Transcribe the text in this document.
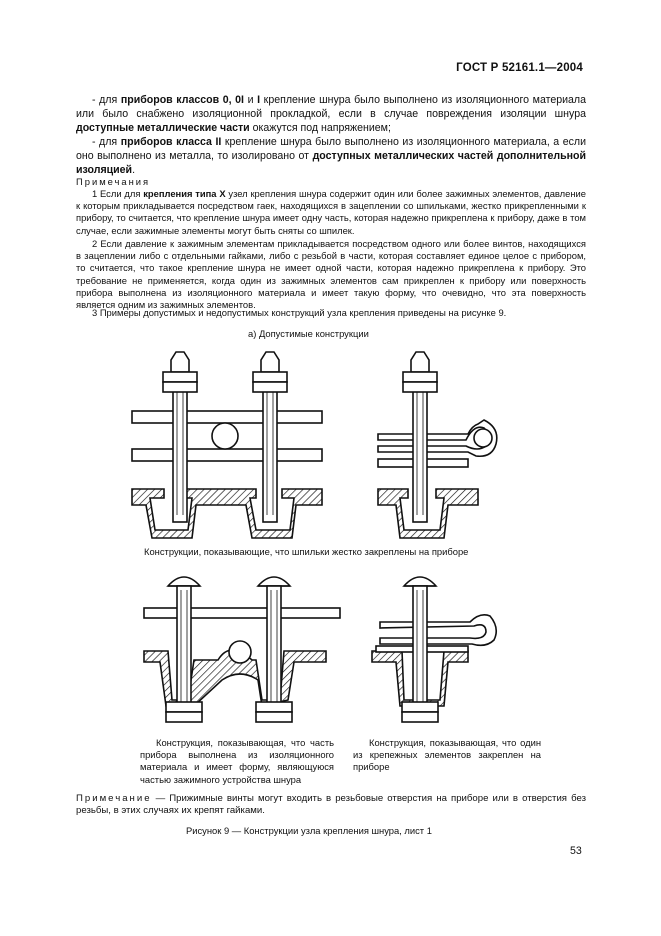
ГОСТ Р 52161.1—2004
- для приборов классов 0, 0I и I крепление шнура было выполнено из изоляционного материала или было снабжено изоляционной прокладкой, если в случае повреждения изоляции шнура доступные металлические части окажутся под напряжением;
- для приборов класса II крепление шнура было выполнено из изоляционного материала, а если оно выполнено из металла, то изолировано от доступных металлических частей дополнительной изоляцией.
Примечания
1 Если для крепления типа X узел крепления шнура содержит один или более зажимных элементов, давление к которым прикладывается посредством гаек, находящихся в зацеплении со шпильками, жестко прикрепленными к прибору, то считается, что крепление шнура имеет одну часть, которая надежно прикреплена к прибору, даже в том случае, если зажимные элементы могут быть сняты со шпилек.
2 Если давление к зажимным элементам прикладывается посредством одного или более винтов, находящихся в зацеплении либо с отдельными гайками, либо с резьбой в части, которая составляет единое целое с прибором, то считается, что такое крепление шнура не имеет одной части, которая надежно прикреплена к прибору. Это требование не применяется, когда один из зажимных элементов сам прикреплен к прибору или поверхность прибора выполнена из изоляционного материала и имеет такую форму, что очевидно, что эта поверхность является одним из зажимных элементов.
3 Примеры допустимых и недопустимых конструкций узла крепления приведены на рисунке 9.
а) Допустимые конструкции
Конструкции, показывающие, что шпильки жестко закреплены на приборе
Конструкция, показывающая, что часть прибора выполнена из изоляционного материала и имеет форму, являющуюся частью зажимного устройства шнура
Конструкция, показывающая, что один из крепежных элементов закреплен на приборе
Примечание — Прижимные винты могут входить в резьбовые отверстия на приборе или в отверстия без резьбы, в этих случаях их крепят гайками.
Рисунок 9 — Конструкции узла крепления шнура, лист 1
53
